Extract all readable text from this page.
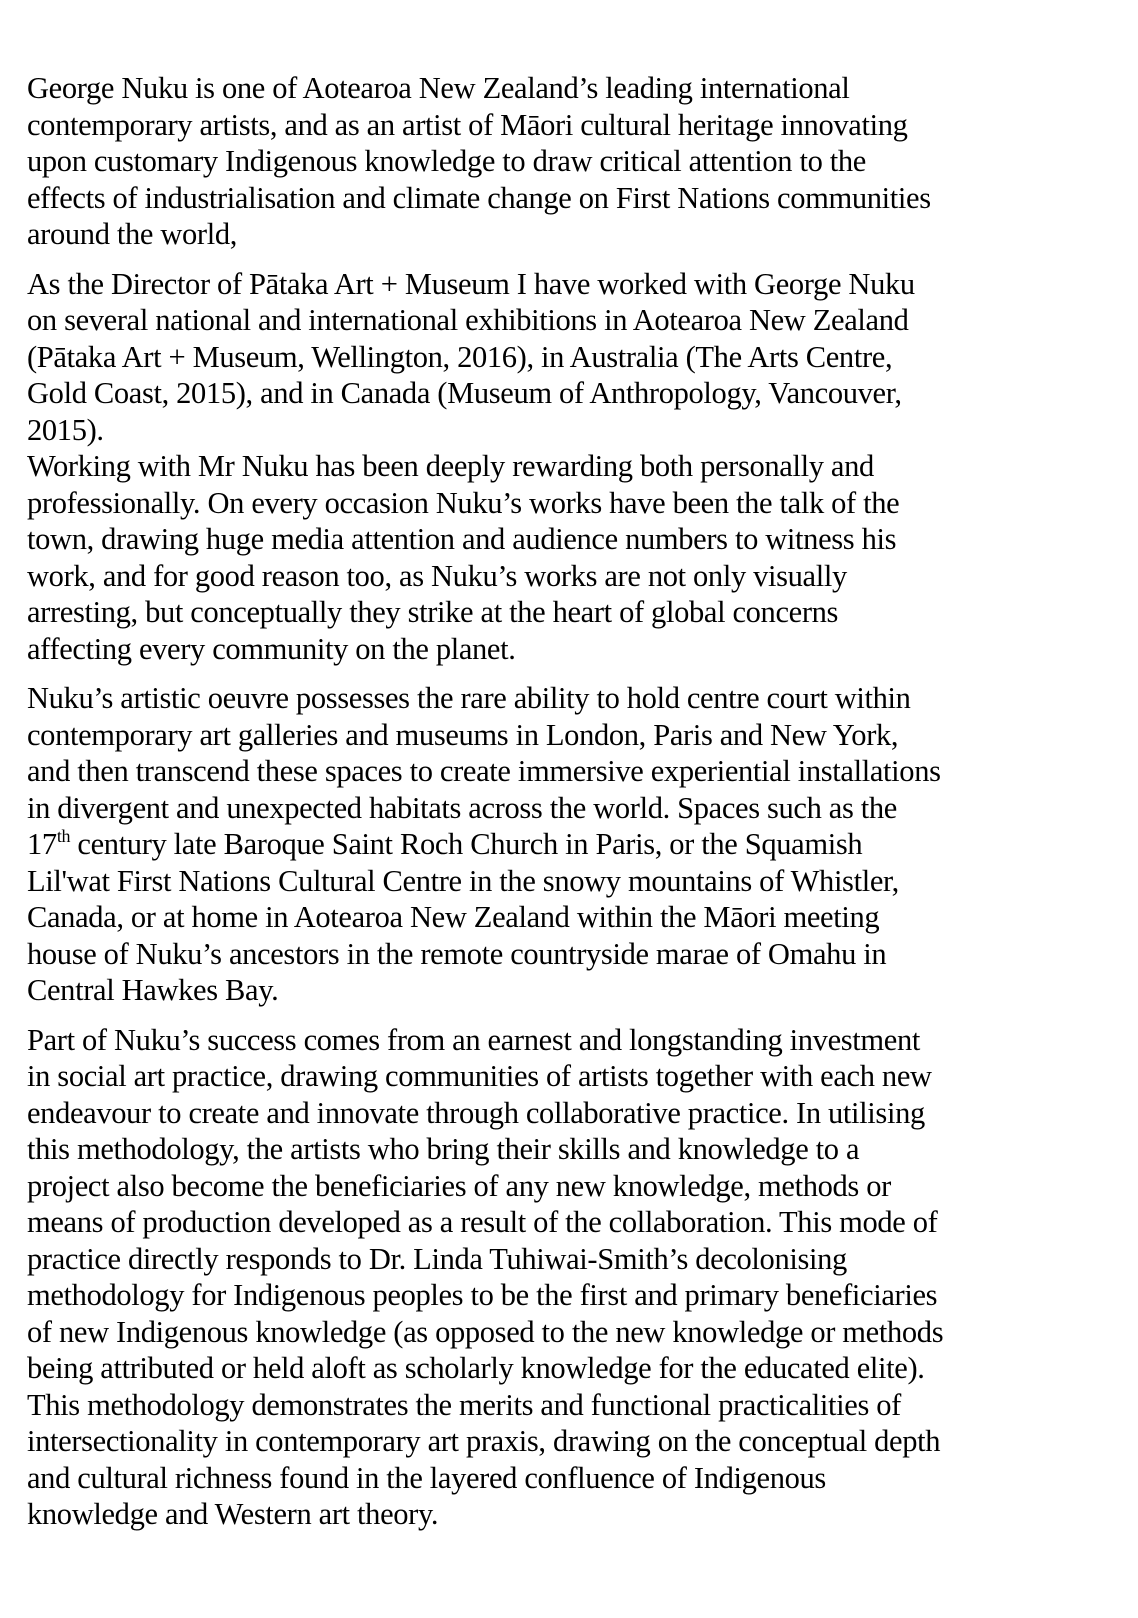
George Nuku is one of Aotearoa New Zealand’s leading international
contemporary artists, and as an artist of Māori cultural heritage innovating
upon customary Indigenous knowledge to draw critical attention to the
effects of industrialisation and climate change on First Nations communities
around the world,

As the Director of Pātaka Art + Museum I have worked with George Nuku
on several national and international exhibitions in Aotearoa New Zealand
(Pātaka Art + Museum, Wellington, 2016), in Australia (The Arts Centre,
Gold Coast, 2015), and in Canada (Museum of Anthropology, Vancouver,
2015).

Working with Mr Nuku has been deeply rewarding both personally and
professionally. On every occasion Nuku’s works have been the talk of the
town, drawing huge media attention and audience numbers to witness his
work, and for good reason too, as Nuku’s works are not only visually
arresting, but conceptually they strike at the heart of global concerns
affecting every community on the planet.

Nuku’s artistic oeuvre possesses the rare ability to hold centre court within
contemporary art galleries and museums in London, Paris and New York,
and then transcend these spaces to create immersive experiential installations
in divergent and unexpected habitats across the world. Spaces such as the
17th century late Baroque Saint Roch Church in Paris, or the Squamish
Lil'wat First Nations Cultural Centre in the snowy mountains of Whistler,
Canada, or at home in Aotearoa New Zealand within the Māori meeting
house of Nuku’s ancestors in the remote countryside marae of Omahu in
Central Hawkes Bay.

Part of Nuku’s success comes from an earnest and longstanding investment
in social art practice, drawing communities of artists together with each new
endeavour to create and innovate through collaborative practice. In utilising
this methodology, the artists who bring their skills and knowledge to a
project also become the beneficiaries of any new knowledge, methods or
means of production developed as a result of the collaboration. This mode of
practice directly responds to Dr. Linda Tuhiwai-Smith’s decolonising
methodology for Indigenous peoples to be the first and primary beneficiaries
of new Indigenous knowledge (as opposed to the new knowledge or methods
being attributed or held aloft as scholarly knowledge for the educated elite).
This methodology demonstrates the merits and functional practicalities of
intersectionality in contemporary art praxis, drawing on the conceptual depth
and cultural richness found in the layered confluence of Indigenous
knowledge and Western art theory.
